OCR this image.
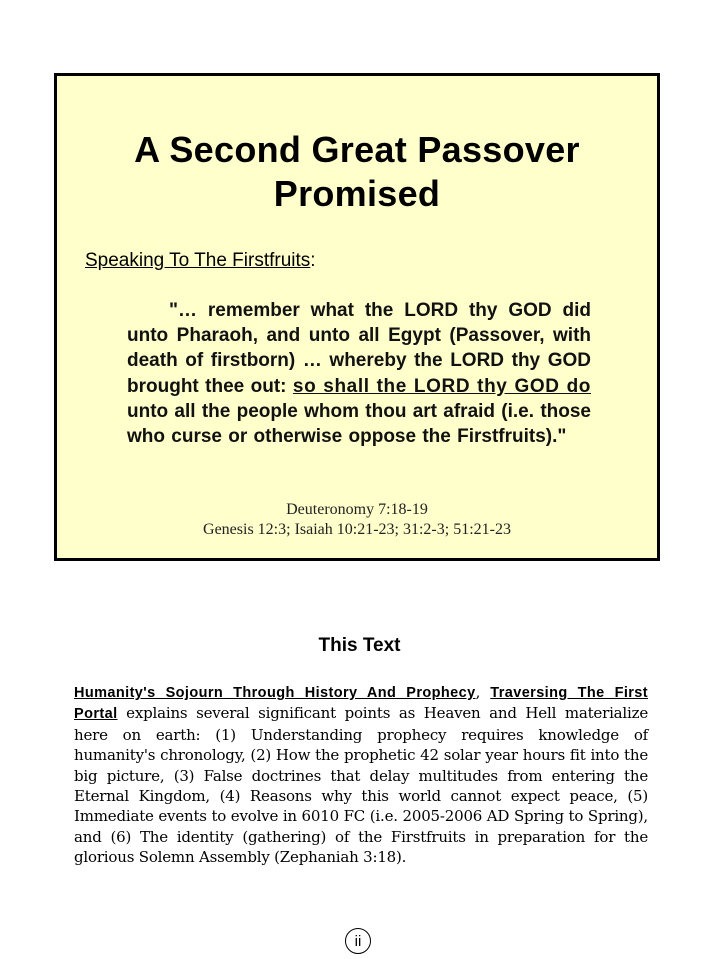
A Second Great Passover
Promised
Speaking To The Firstfruits:
"… remember what the LORD thy GOD did unto Pharaoh, and unto all Egypt (Passover, with death of firstborn) … whereby the LORD thy GOD brought thee out: so shall the LORD thy GOD do unto all the people whom thou art afraid (i.e. those who curse or otherwise oppose the Firstfruits)."
Deuteronomy 7:18-19
Genesis 12:3; Isaiah 10:21-23; 31:2-3; 51:21-23
This Text
Humanity's Sojourn Through History And Prophecy, Traversing The First Portal explains several significant points as Heaven and Hell materialize here on earth: (1) Understanding prophecy requires knowledge of humanity's chronology, (2) How the prophetic 42 solar year hours fit into the big picture, (3) False doctrines that delay multitudes from entering the Eternal Kingdom, (4) Reasons why this world cannot expect peace, (5) Immediate events to evolve in 6010 FC (i.e. 2005-2006 AD Spring to Spring), and (6) The identity (gathering) of the Firstfruits in preparation for the glorious Solemn Assembly (Zephaniah 3:18).
ii
